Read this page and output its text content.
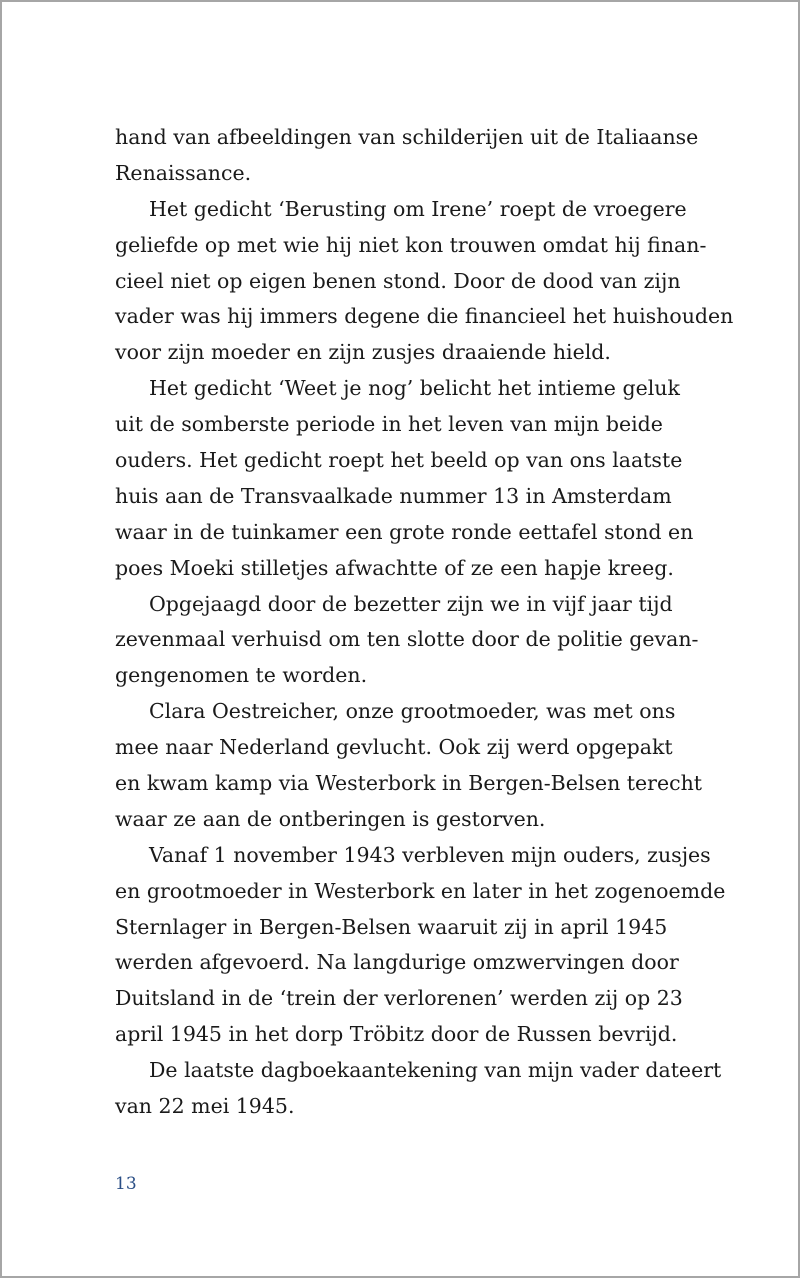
hand van afbeeldingen van schilderijen uit de Italiaanse
Renaissance.
Het gedicht ‘Berusting om Irene’ roept de vroegere
geliefde op met wie hij niet kon trouwen omdat hij finan-
cieel niet op eigen benen stond. Door de dood van zijn
vader was hij immers degene die financieel het huishouden
voor zijn moeder en zijn zusjes draaiende hield.
Het gedicht ‘Weet je nog’ belicht het intieme geluk
uit de somberste periode in het leven van mijn beide
ouders. Het gedicht roept het beeld op van ons laatste
huis aan de Transvaalkade nummer 13 in Amsterdam
waar in de tuinkamer een grote ronde eettafel stond en
poes Moeki stilletjes afwachtte of ze een hapje kreeg.
Opgejaagd door de bezetter zijn we in vijf jaar tijd
zevenmaal verhuisd om ten slotte door de politie gevan-
gengenomen te worden.
Clara Oestreicher, onze grootmoeder, was met ons
mee naar Nederland gevlucht. Ook zij werd opgepakt
en kwam kamp via Westerbork in Bergen-Belsen terecht
waar ze aan de ontberingen is gestorven.
Vanaf 1 november 1943 verbleven mijn ouders, zusjes
en grootmoeder in Westerbork en later in het zogenoemde
Sternlager in Bergen-Belsen waaruit zij in april 1945
werden afgevoerd. Na langdurige omzwervingen door
Duitsland in de ‘trein der verlorenen’ werden zij op 23
april 1945 in het dorp Tröbitz door de Russen bevrijd.
De laatste dagboekaantekening van mijn vader dateert
van 22 mei 1945.
13
